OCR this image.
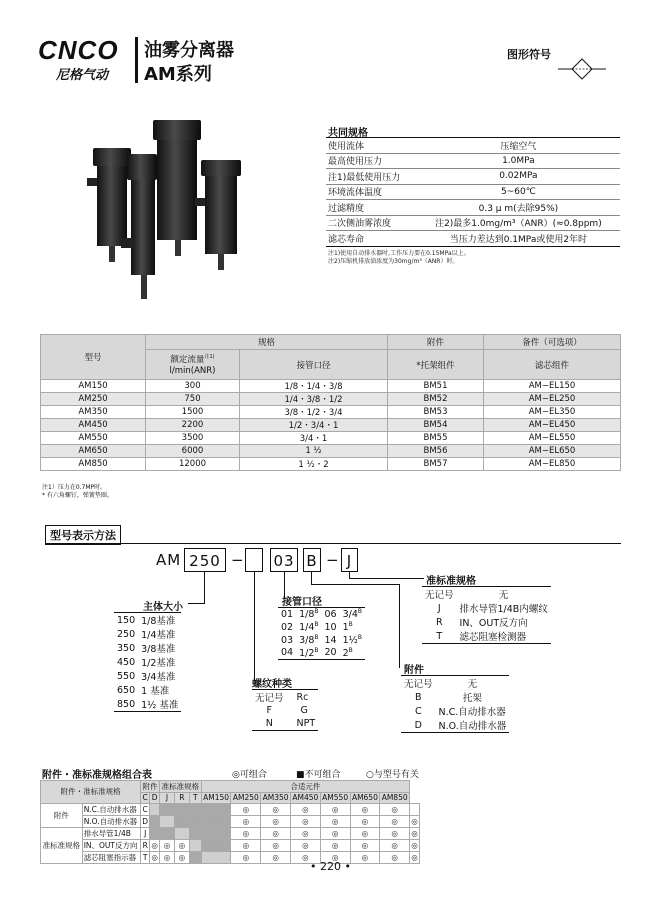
CNCO
尼格气动
油雾分离器
AM系列
图形符号
共同规格
使用流体	压缩空气
最高使用压力	1.0MPa
注1)最低使用压力	0.02MPa
环境流体温度	5~60℃
过滤精度	0.3 μ m(去除95%)
二次侧油雾浓度	注2)最多1.0mg/m³（ANR）(≈0.8ppm)
滤芯寿命	当压力差达到0.1MPa或使用2年时
注1)使用自动排水器时,工作压力要在0.15MPa以上。
注2)压缩机排放油浓度为30mg/m³（ANR）时。
型号	规格		附件	备件（可选项）
	额定流量$^{注1)}$
l/min(ANR)	接管口径	*托架组件	滤芯组件
AM150	300	1/8・1/4・3/8	BM51	AM−EL150
AM250	750	1/4・3/8・1/2	BM52	AM−EL250
AM350	1500	3/8・1/2・3/4	BM53	AM−EL350
AM450	2200	1/2・3/4・1	BM54	AM−EL450
AM550	3500	3/4・1	BM55	AM−EL550
AM650	6000	1 ½	BM56	AM−EL650
AM850	12000	1 ½・2	BM57	AM−EL850
注1）压力在0.7MP时。
* 有六角螺钉，弹簧垫圈。
型号表示方法
AM 250 − 03 B − J
主体大小
150	1/8基准
250	1/4基准
350	3/8基准
450	1/2基准
550	3/4基准
650	1 基准
850	1½ 基准
接管口径
01	$1/8^B$	06	$3/4^B$
02	$1/4^B$	10	$1^B$
03	$3/8^B$	14	1½$^B$
04	$1/2^B$	20	$2^B$
螺纹种类
无记号	Rc
F	G
N	NPT
准标准规格
无记号	无
J	排水导管1/4B内螺纹
R	IN、OUT反方向
T	滤芯阻塞检测器
附件
无记号	无
B	托架
C	N.C.自动排水器
D	N.O.自动排水器
附件・准标准规格组合表	◎可组合	■不可组合	○与型号有关
附件・准标准规格		附件		准标准规格			合适元件							
		C	D	J	R	T	AM150	AM250	AM350	AM450	AM550	AM650	AM850	
附件	N.C.自动排水器	C						◎	◎	◎	◎	◎	◎	
	N.O.自动排水器	D						◎	◎	◎	◎	◎	◎	◎
准标准规格	排水导管1/4B	J						◎	◎	◎	◎	◎	◎	◎
	IN、OUT反方向	R	◎	◎	◎			◎	◎	◎	◎	◎	◎	◎
	滤芯阻塞指示器	T	◎	◎	◎			◎	◎	◎	◎	◎	◎	◎
• 220 •
